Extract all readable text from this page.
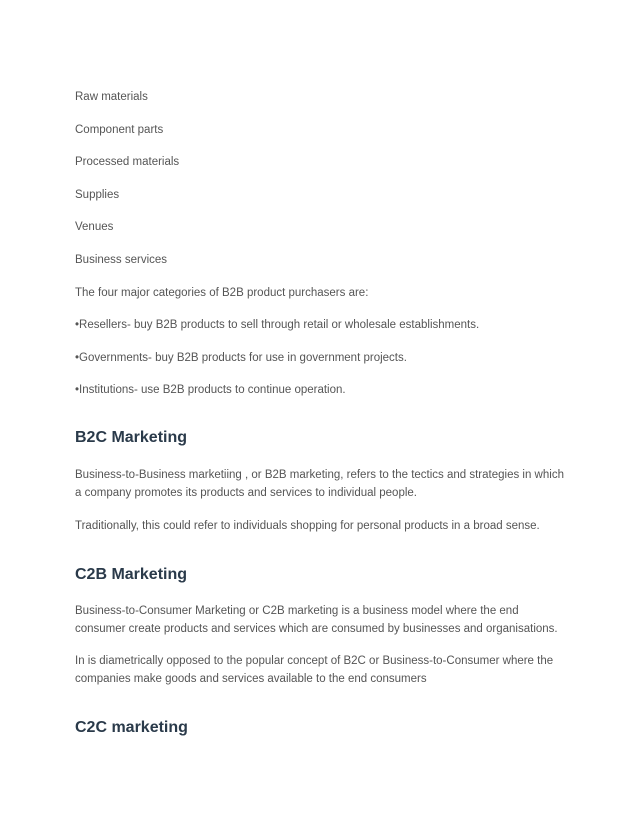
Raw materials
Component parts
Processed materials
Supplies
Venues
Business services
The four major categories of B2B product purchasers are:
•Resellers- buy B2B products to sell through retail or wholesale establishments.
•Governments- buy B2B products for use in government projects.
•Institutions- use B2B products to continue operation.
B2C Marketing
Business-to-Business marketiing , or B2B marketing, refers to the tectics and strategies in which a company promotes its products and services to individual people.
Traditionally, this could refer to individuals shopping for personal products in a broad sense.
C2B Marketing
Business-to-Consumer Marketing or C2B marketing is a business model where the end consumer create products and services which are consumed by businesses and organisations.
In is diametrically opposed to the popular concept of B2C or Business-to-Consumer where the companies make goods and services available to the end consumers
C2C marketing
